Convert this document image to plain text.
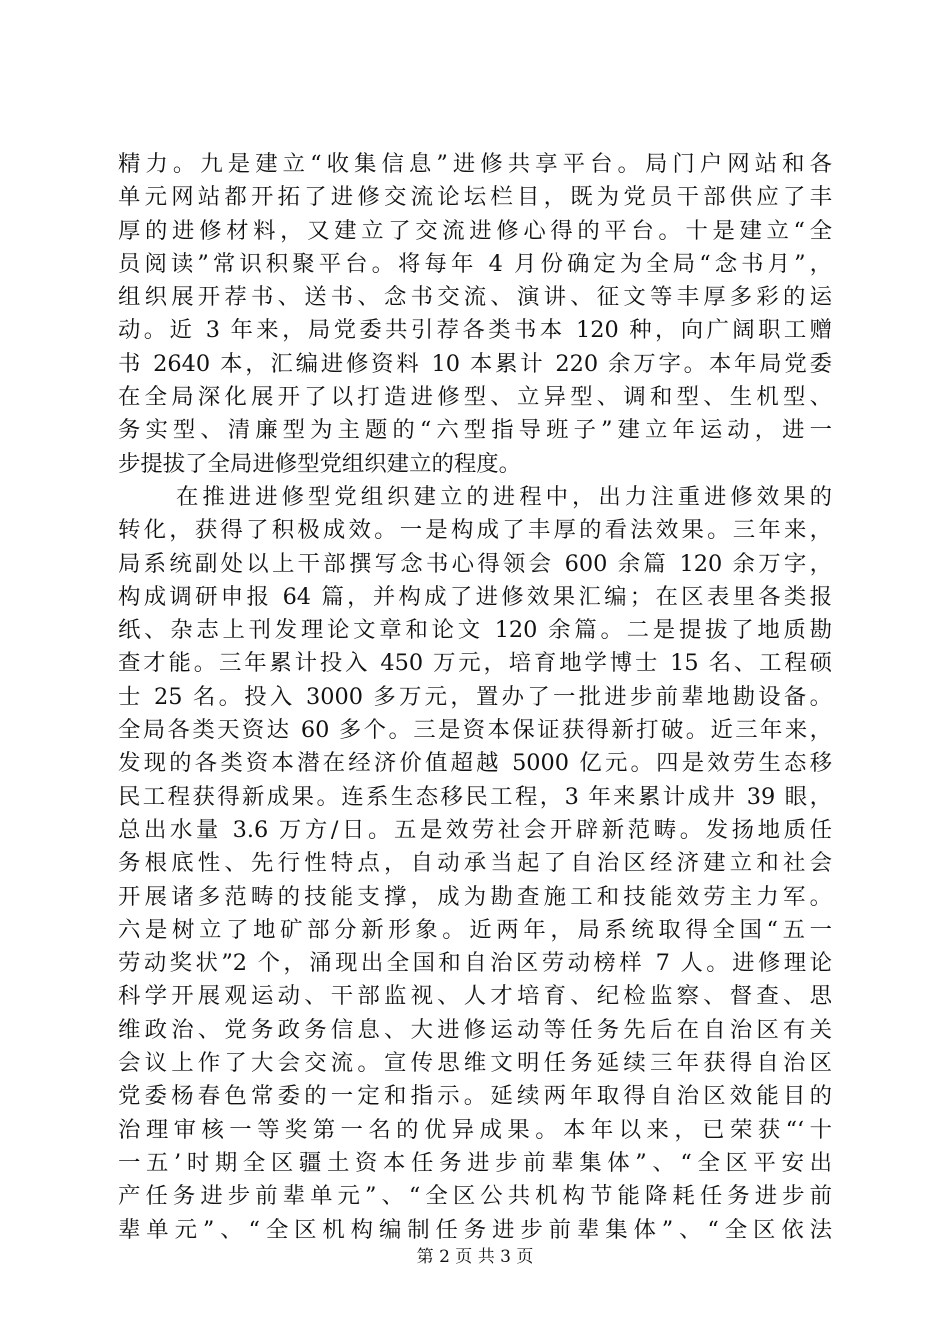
精力。九是建立“收集信息”进修共享平台。局门户网站和各
单元网站都开拓了进修交流论坛栏目，既为党员干部供应了丰
厚的进修材料，又建立了交流进修心得的平台。十是建立“全
员阅读”常识积聚平台。将每年 4 月份确定为全局“念书月”，
组织展开荐书、送书、念书交流、演讲、征文等丰厚多彩的运
动。近 3 年来，局党委共引荐各类书本 120 种，向广阔职工赠
书 2640 本，汇编进修资料 10 本累计 220 余万字。本年局党委
在全局深化展开了以打造进修型、立异型、调和型、生机型、
务实型、清廉型为主题的“六型指导班子”建立年运动，进一
步提拔了全局进修型党组织建立的程度。
在推进进修型党组织建立的进程中，出力注重进修效果的
转化，获得了积极成效。一是构成了丰厚的看法效果。三年来，
局系统副处以上干部撰写念书心得领会 600 余篇 120 余万字，
构成调研申报 64 篇，并构成了进修效果汇编；在区表里各类报
纸、杂志上刊发理论文章和论文 120 余篇。二是提拔了地质勘
查才能。三年累计投入 450 万元，培育地学博士 15 名、工程硕
士 25 名。投入 3000 多万元，置办了一批进步前辈地勘设备。
全局各类天资达 60 多个。三是资本保证获得新打破。近三年来，
发现的各类资本潜在经济价值超越 5000 亿元。四是效劳生态移
民工程获得新成果。连系生态移民工程，3 年来累计成井 39 眼，
总出水量 3.6 万方/日。五是效劳社会开辟新范畴。发扬地质任
务根底性、先行性特点，自动承当起了自治区经济建立和社会
开展诸多范畴的技能支撑，成为勘查施工和技能效劳主力军。
六是树立了地矿部分新形象。近两年，局系统取得全国“五一
劳动奖状”2 个，涌现出全国和自治区劳动榜样 7 人。进修理论
科学开展观运动、干部监视、人才培育、纪检监察、督查、思
维政治、党务政务信息、大进修运动等任务先后在自治区有关
会议上作了大会交流。宣传思维文明任务延续三年获得自治区
党委杨春色常委的一定和指示。延续两年取得自治区效能目的
治理审核一等奖第一名的优异成果。本年以来，已荣获“‘十
一五’时期全区疆土资本任务进步前辈集体”、“全区平安出
产任务进步前辈单元”、“全区公共机构节能降耗任务进步前
辈单元”、“全区机构编制任务进步前辈集体”、“全区依法
第 2 页 共 3 页
